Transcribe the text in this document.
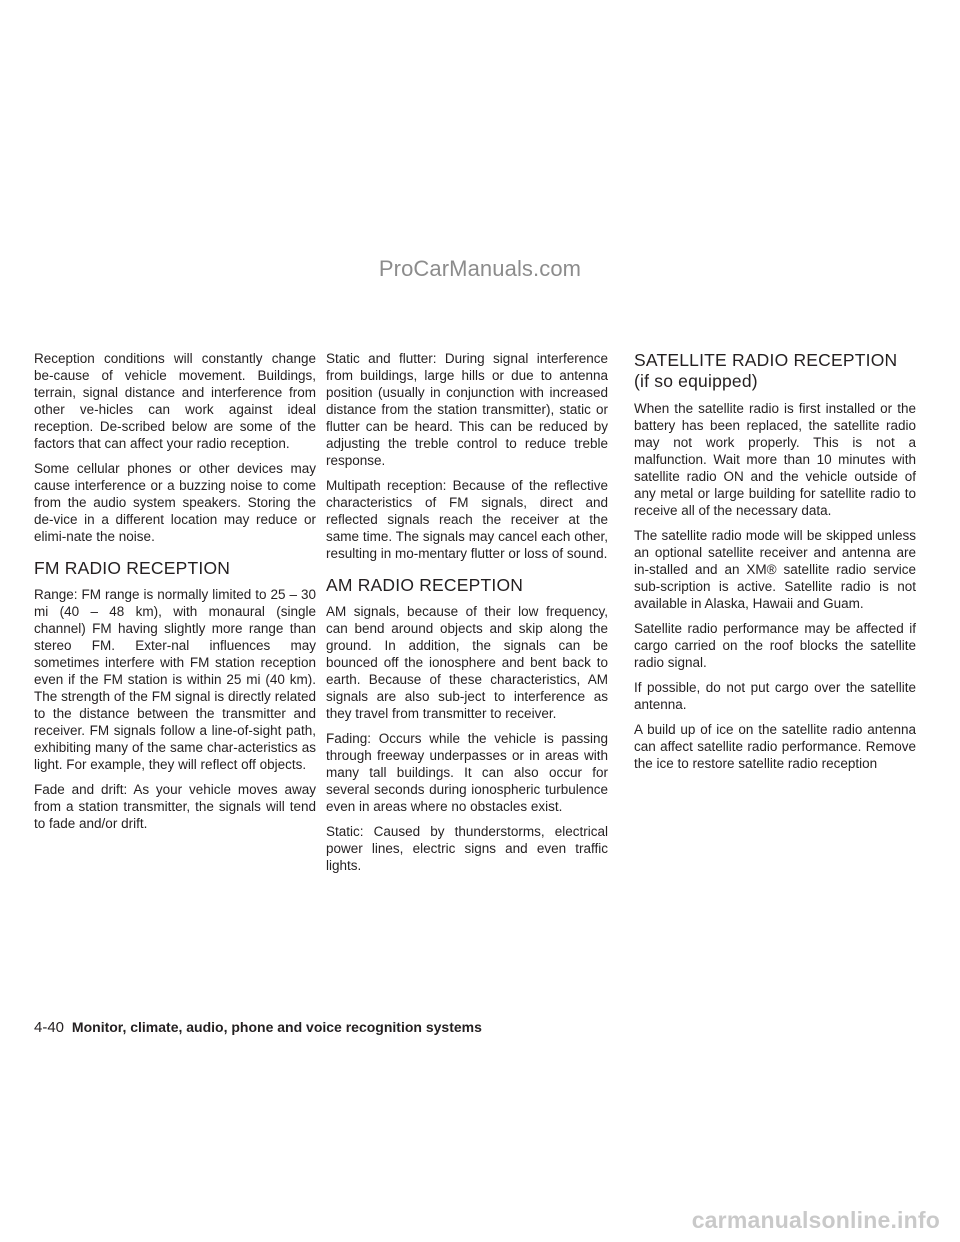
ProCarManuals.com

Reception conditions will constantly change be-cause of vehicle movement. Buildings, terrain, signal distance and interference from other ve-hicles can work against ideal reception. De-scribed below are some of the factors that can affect your radio reception.

Some cellular phones or other devices may cause interference or a buzzing noise to come from the audio system speakers. Storing the de-vice in a different location may reduce or elimi-nate the noise.

FM RADIO RECEPTION

Range: FM range is normally limited to 25 – 30 mi (40 – 48 km), with monaural (single channel) FM having slightly more range than stereo FM. Exter-nal influences may sometimes interfere with FM station reception even if the FM station is within 25 mi (40 km). The strength of the FM signal is directly related to the distance between the transmitter and receiver. FM signals follow a line-of-sight path, exhibiting many of the same char-acteristics as light. For example, they will reflect off objects.

Fade and drift: As your vehicle moves away from a station transmitter, the signals will tend to fade and/or drift.

Static and flutter: During signal interference from buildings, large hills or due to antenna position (usually in conjunction with increased distance from the station transmitter), static or flutter can be heard. This can be reduced by adjusting the treble control to reduce treble response.

Multipath reception: Because of the reflective characteristics of FM signals, direct and reflected signals reach the receiver at the same time. The signals may cancel each other, resulting in mo-mentary flutter or loss of sound.

AM RADIO RECEPTION

AM signals, because of their low frequency, can bend around objects and skip along the ground. In addition, the signals can be bounced off the ionosphere and bent back to earth. Because of these characteristics, AM signals are also sub-ject to interference as they travel from transmitter to receiver.

Fading: Occurs while the vehicle is passing through freeway underpasses or in areas with many tall buildings. It can also occur for several seconds during ionospheric turbulence even in areas where no obstacles exist.

Static: Caused by thunderstorms, electrical power lines, electric signs and even traffic lights.

SATELLITE RADIO RECEPTION (if so equipped)

When the satellite radio is first installed or the battery has been replaced, the satellite radio may not work properly. This is not a malfunction. Wait more than 10 minutes with satellite radio ON and the vehicle outside of any metal or large building for satellite radio to receive all of the necessary data.

The satellite radio mode will be skipped unless an optional satellite receiver and antenna are in-stalled and an XM® satellite radio service sub-scription is active. Satellite radio is not available in Alaska, Hawaii and Guam.

Satellite radio performance may be affected if cargo carried on the roof blocks the satellite radio signal.

If possible, do not put cargo over the satellite antenna.

A build up of ice on the satellite radio antenna can affect satellite radio performance. Remove the ice to restore satellite radio reception

4-40 Monitor, climate, audio, phone and voice recognition systems
carmanualsonline.info
